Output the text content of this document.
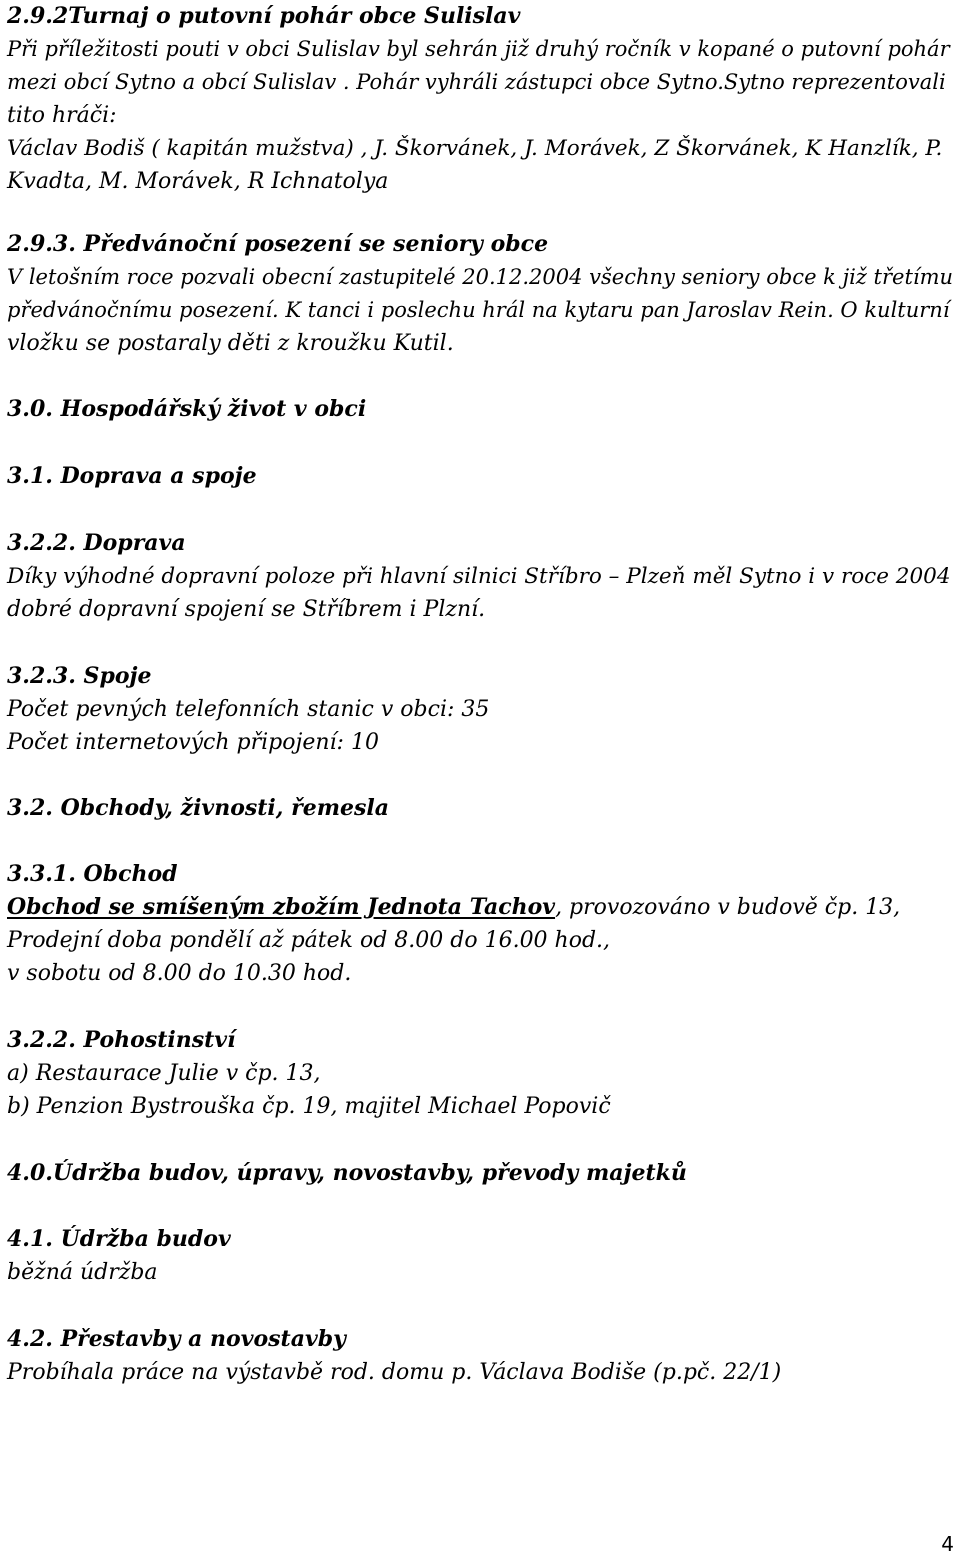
2.9.2Turnaj o putovní pohár obce Sulislav
Při příležitosti pouti v obci Sulislav byl sehrán již druhý ročník v kopané o putovní pohár
mezi obcí Sytno a obcí Sulislav . Pohár vyhráli zástupci obce Sytno.Sytno reprezentovali
tito hráči:
Václav Bodiš ( kapitán mužstva) , J. Škorvánek, J. Morávek, Z Škorvánek, K Hanzlík, P.
Kvadta, M. Morávek, R Ichnatolya
2.9.3. Předvánoční posezení se seniory obce
V letošním roce pozvali obecní zastupitelé 20.12.2004 všechny seniory obce k již třetímu
předvánočnímu posezení. K tanci i poslechu hrál na kytaru pan Jaroslav Rein. O kulturní
vložku se postaraly děti z kroužku Kutil.
3.0. Hospodářský život v obci
3.1. Doprava a spoje
3.2.2. Doprava
Díky výhodné dopravní poloze při hlavní silnici Stříbro – Plzeň měl Sytno i v roce 2004
dobré dopravní spojení se Stříbrem i Plzní.
3.2.3. Spoje
Počet pevných telefonních stanic v obci: 35
Počet internetových připojení: 10
3.2. Obchody, živnosti, řemesla
3.3.1. Obchod
Obchod se smíšeným zbožím Jednota Tachov, provozováno v budově čp. 13,
Prodejní doba pondělí až pátek od 8.00 do 16.00 hod.,
v sobotu od 8.00 do 10.30 hod.
3.2.2. Pohostinství
a) Restaurace Julie v čp. 13,
b) Penzion Bystrouška čp. 19, majitel Michael Popovič
4.0.Údržba budov, úpravy, novostavby, převody majetků
4.1. Údržba budov
běžná údržba
4.2. Přestavby a novostavby
Probíhala práce na výstavbě rod. domu p. Václava Bodiše (p.pč. 22/1)
4
